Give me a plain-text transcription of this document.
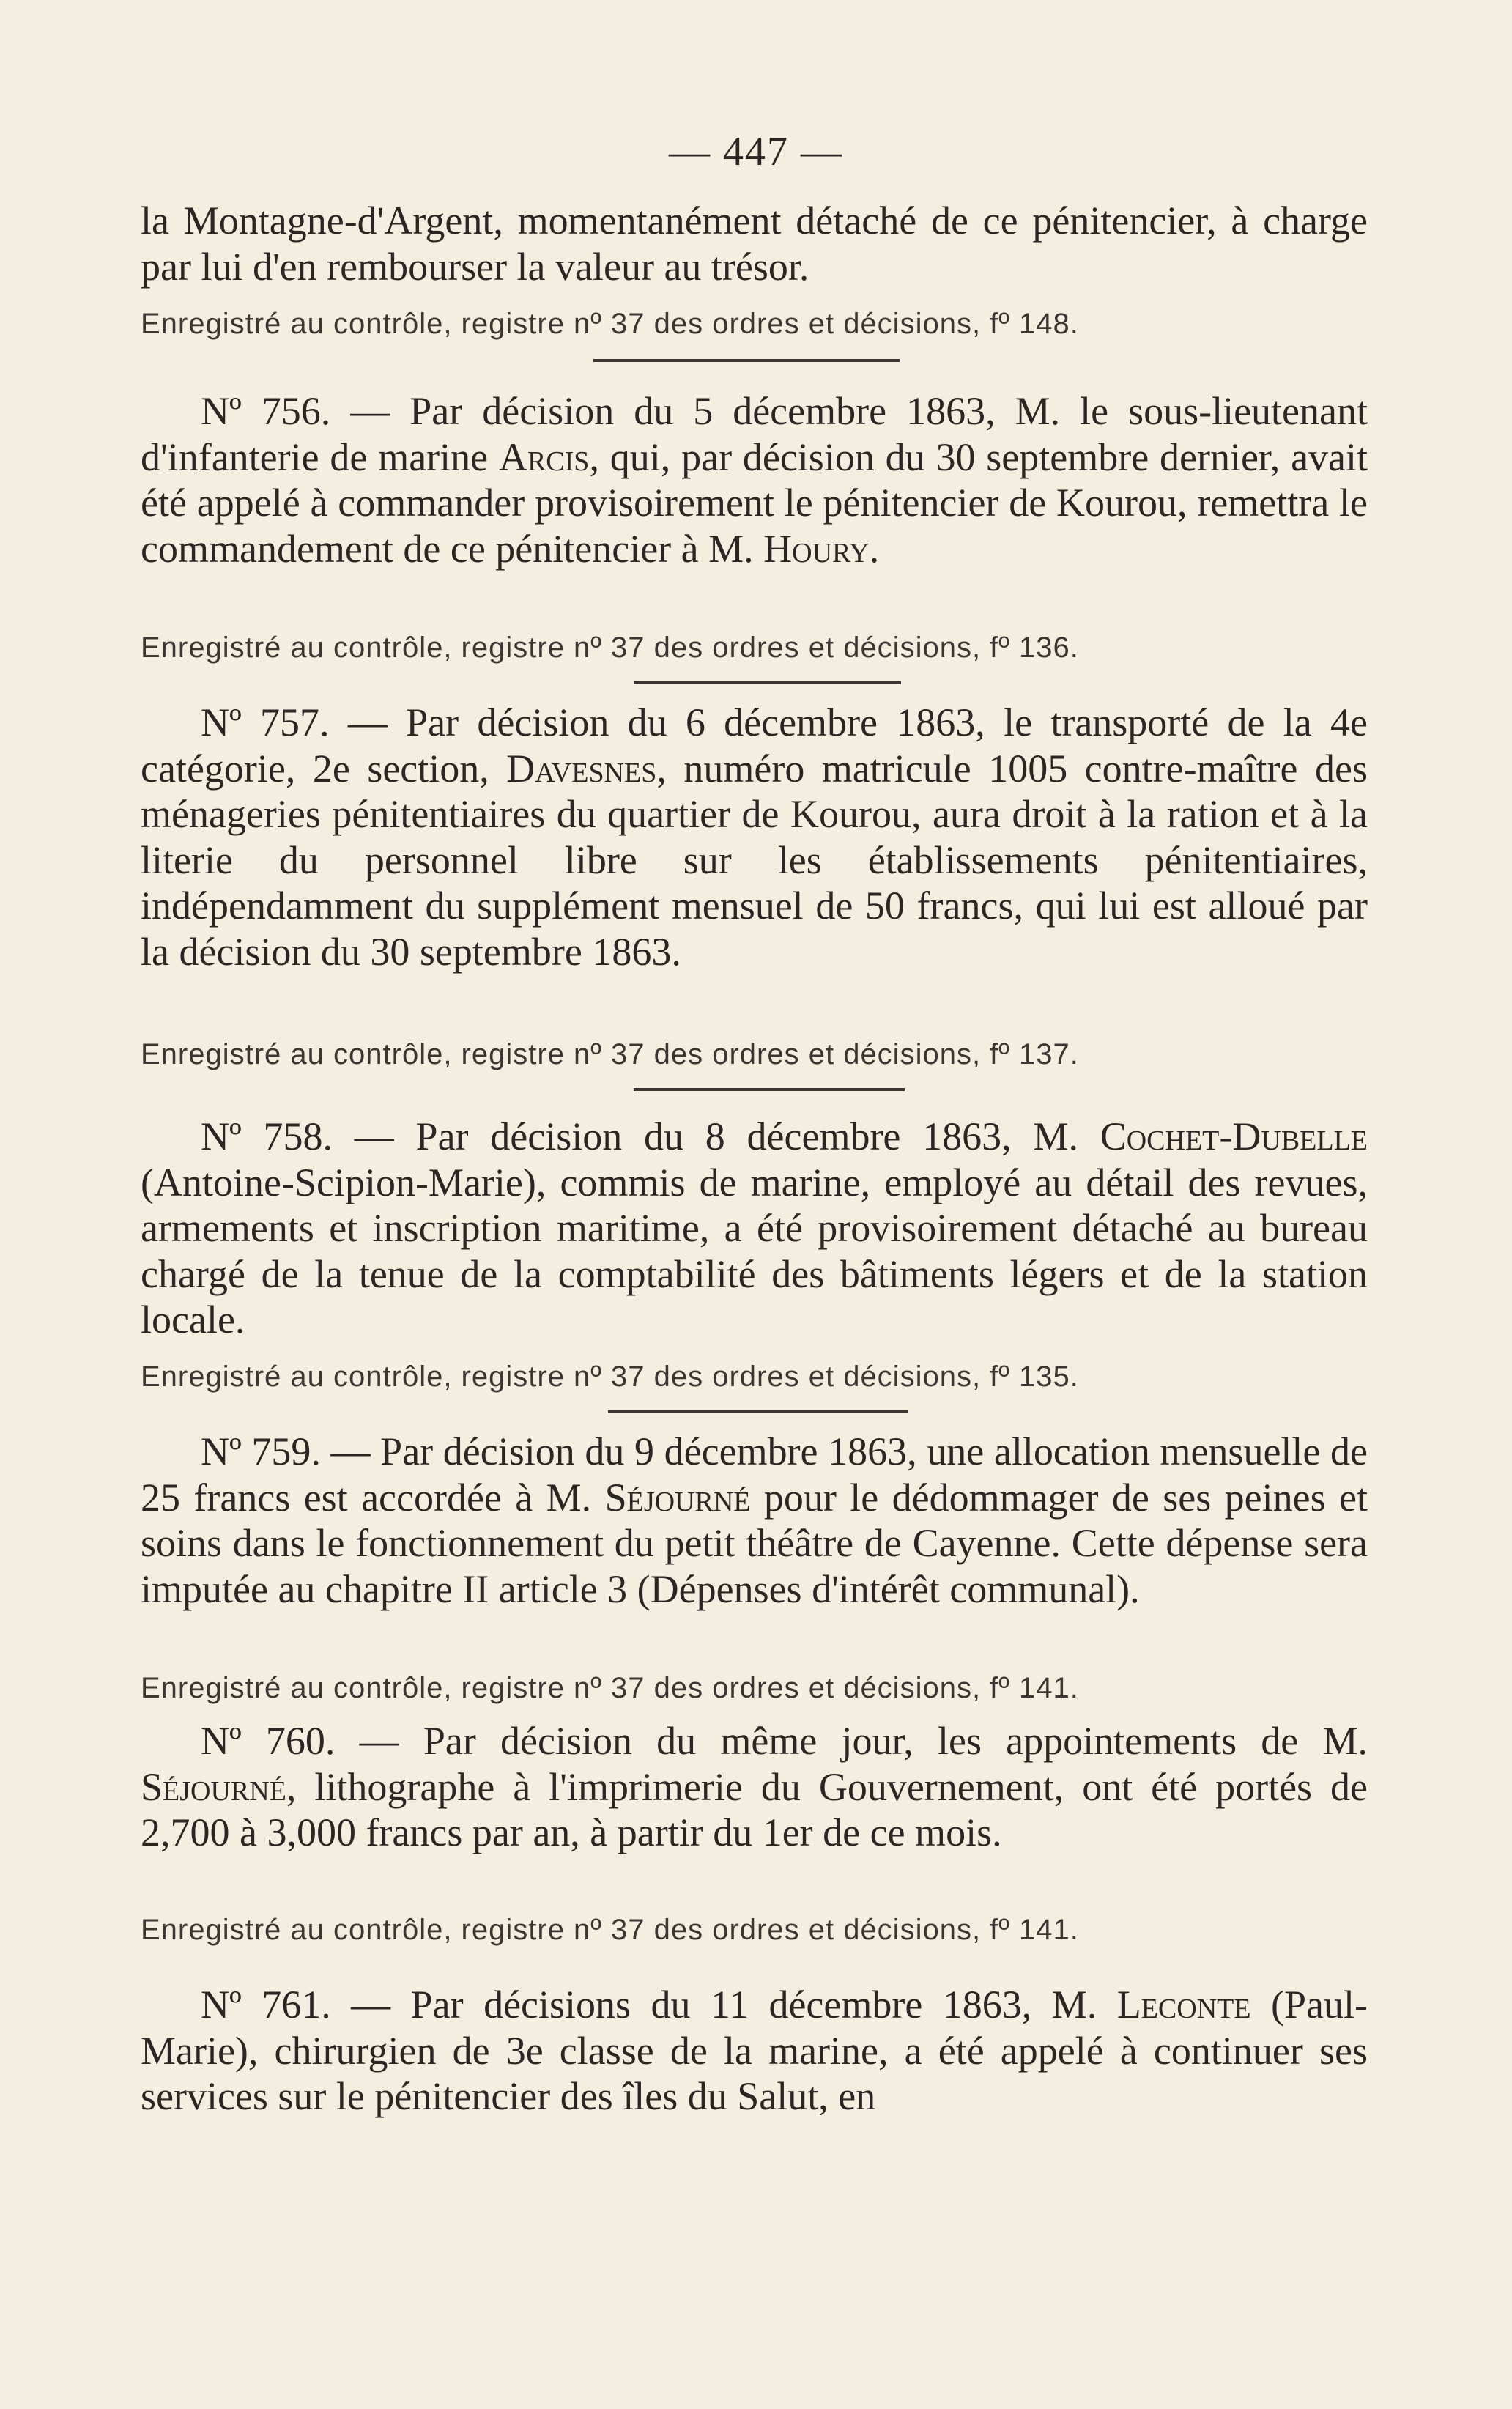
— 447 —

la Montagne-d'Argent, momentanément détaché de ce pénitencier, à charge par lui d'en rembourser la valeur au trésor.

Enregistré au contrôle, registre nº 37 des ordres et décisions, fº 148.

Nº 756. — Par décision du 5 décembre 1863, M. le sous-lieutenant d'infanterie de marine Arcis, qui, par décision du 30 septembre dernier, avait été appelé à commander provisoirement le pénitencier de Kourou, remettra le commandement de ce pénitencier à M. Houry.

Enregistré au contrôle, registre nº 37 des ordres et décisions, fº 136.

Nº 757. — Par décision du 6 décembre 1863, le transporté de la 4e catégorie, 2e section, Davesnes, numéro matricule 1005 contre-maître des ménageries pénitentiaires du quartier de Kourou, aura droit à la ration et à la literie du personnel libre sur les établissements pénitentiaires, indépendamment du supplément mensuel de 50 francs, qui lui est alloué par la décision du 30 septembre 1863.

Enregistré au contrôle, registre nº 37 des ordres et décisions, fº 137.

Nº 758. — Par décision du 8 décembre 1863, M. Cochet-Dubelle (Antoine-Scipion-Marie), commis de marine, employé au détail des revues, armements et inscription maritime, a été provisoirement détaché au bureau chargé de la tenue de la comptabilité des bâtiments légers et de la station locale.

Enregistré au contrôle, registre nº 37 des ordres et décisions, fº 135.

Nº 759. — Par décision du 9 décembre 1863, une allocation mensuelle de 25 francs est accordée à M. Séjourné pour le dédommager de ses peines et soins dans le fonctionnement du petit théâtre de Cayenne. Cette dépense sera imputée au chapitre II article 3 (Dépenses d'intérêt communal).

Enregistré au contrôle, registre nº 37 des ordres et décisions, fº 141.

Nº 760. — Par décision du même jour, les appointements de M. Séjourné, lithographe à l'imprimerie du Gouvernement, ont été portés de 2,700 à 3,000 francs par an, à partir du 1er de ce mois.

Enregistré au contrôle, registre nº 37 des ordres et décisions, fº 141.

Nº 761. — Par décisions du 11 décembre 1863, M. Leconte (Paul-Marie), chirurgien de 3e classe de la marine, a été appelé à continuer ses services sur le pénitencier des îles du Salut, en
